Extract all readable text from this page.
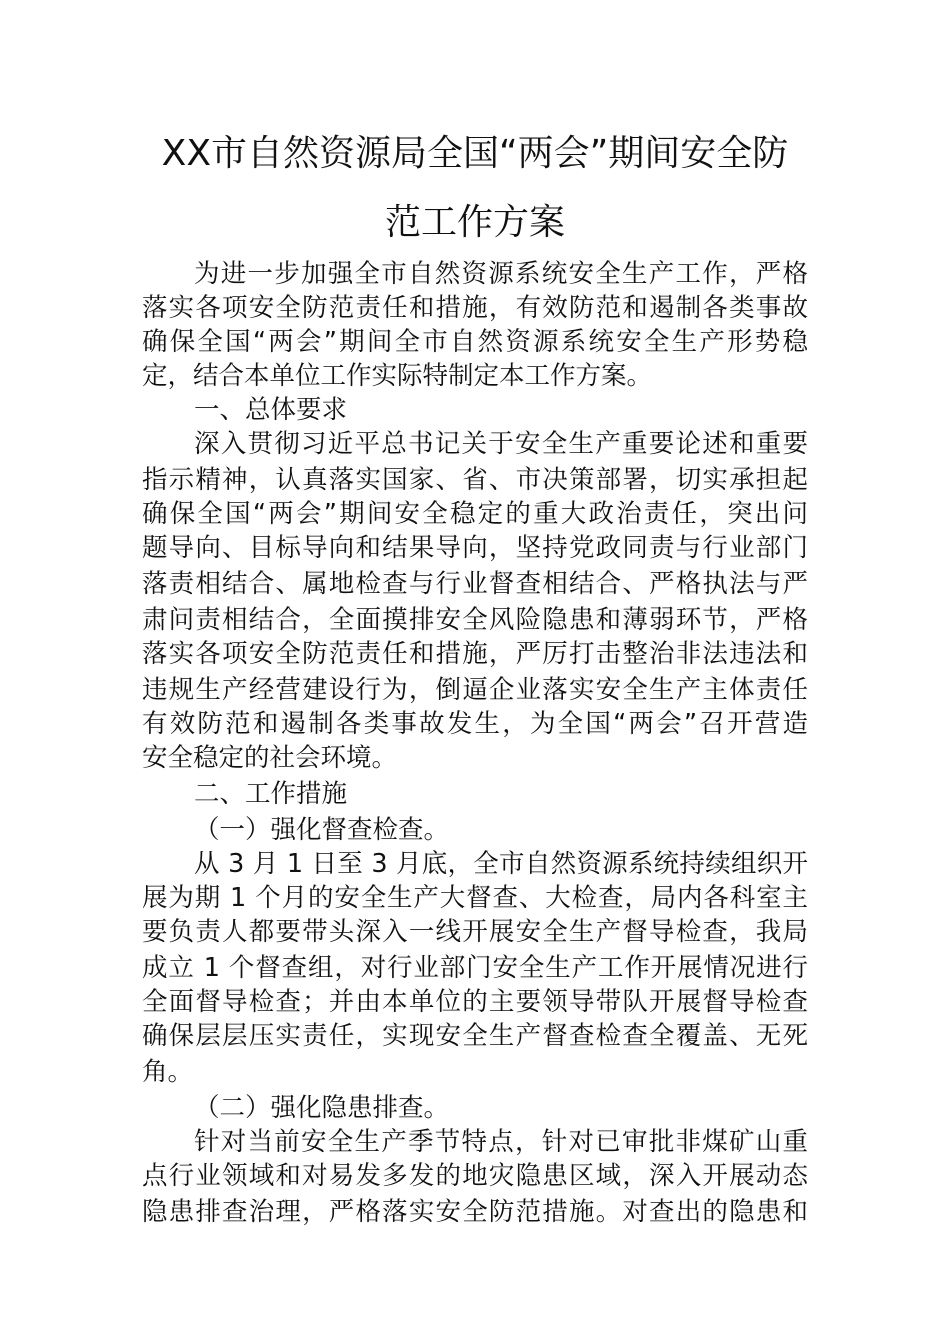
XX市自然资源局全国“两会”期间安全防
范工作方案
为进一步加强全市自然资源系统安全生产工作，严格
落实各项安全防范责任和措施，有效防范和遏制各类事故
确保全国“两会”期间全市自然资源系统安全生产形势稳
定，结合本单位工作实际特制定本工作方案。
一、总体要求
深入贯彻习近平总书记关于安全生产重要论述和重要
指示精神，认真落实国家、省、市决策部署，切实承担起
确保全国“两会”期间安全稳定的重大政治责任，突出问
题导向、目标导向和结果导向，坚持党政同责与行业部门
落责相结合、属地检查与行业督查相结合、严格执法与严
肃问责相结合，全面摸排安全风险隐患和薄弱环节，严格
落实各项安全防范责任和措施，严厉打击整治非法违法和
违规生产经营建设行为，倒逼企业落实安全生产主体责任
有效防范和遏制各类事故发生，为全国“两会”召开营造
安全稳定的社会环境。
二、工作措施
（一）强化督查检查。
从 3 月 1 日至 3 月底，全市自然资源系统持续组织开
展为期 1 个月的安全生产大督查、大检查，局内各科室主
要负责人都要带头深入一线开展安全生产督导检查，我局
成立 1 个督查组，对行业部门安全生产工作开展情况进行
全面督导检查；并由本单位的主要领导带队开展督导检查
确保层层压实责任，实现安全生产督查检查全覆盖、无死
角。
（二）强化隐患排查。
针对当前安全生产季节特点，针对已审批非煤矿山重
点行业领域和对易发多发的地灾隐患区域，深入开展动态
隐患排查治理，严格落实安全防范措施。对查出的隐患和
